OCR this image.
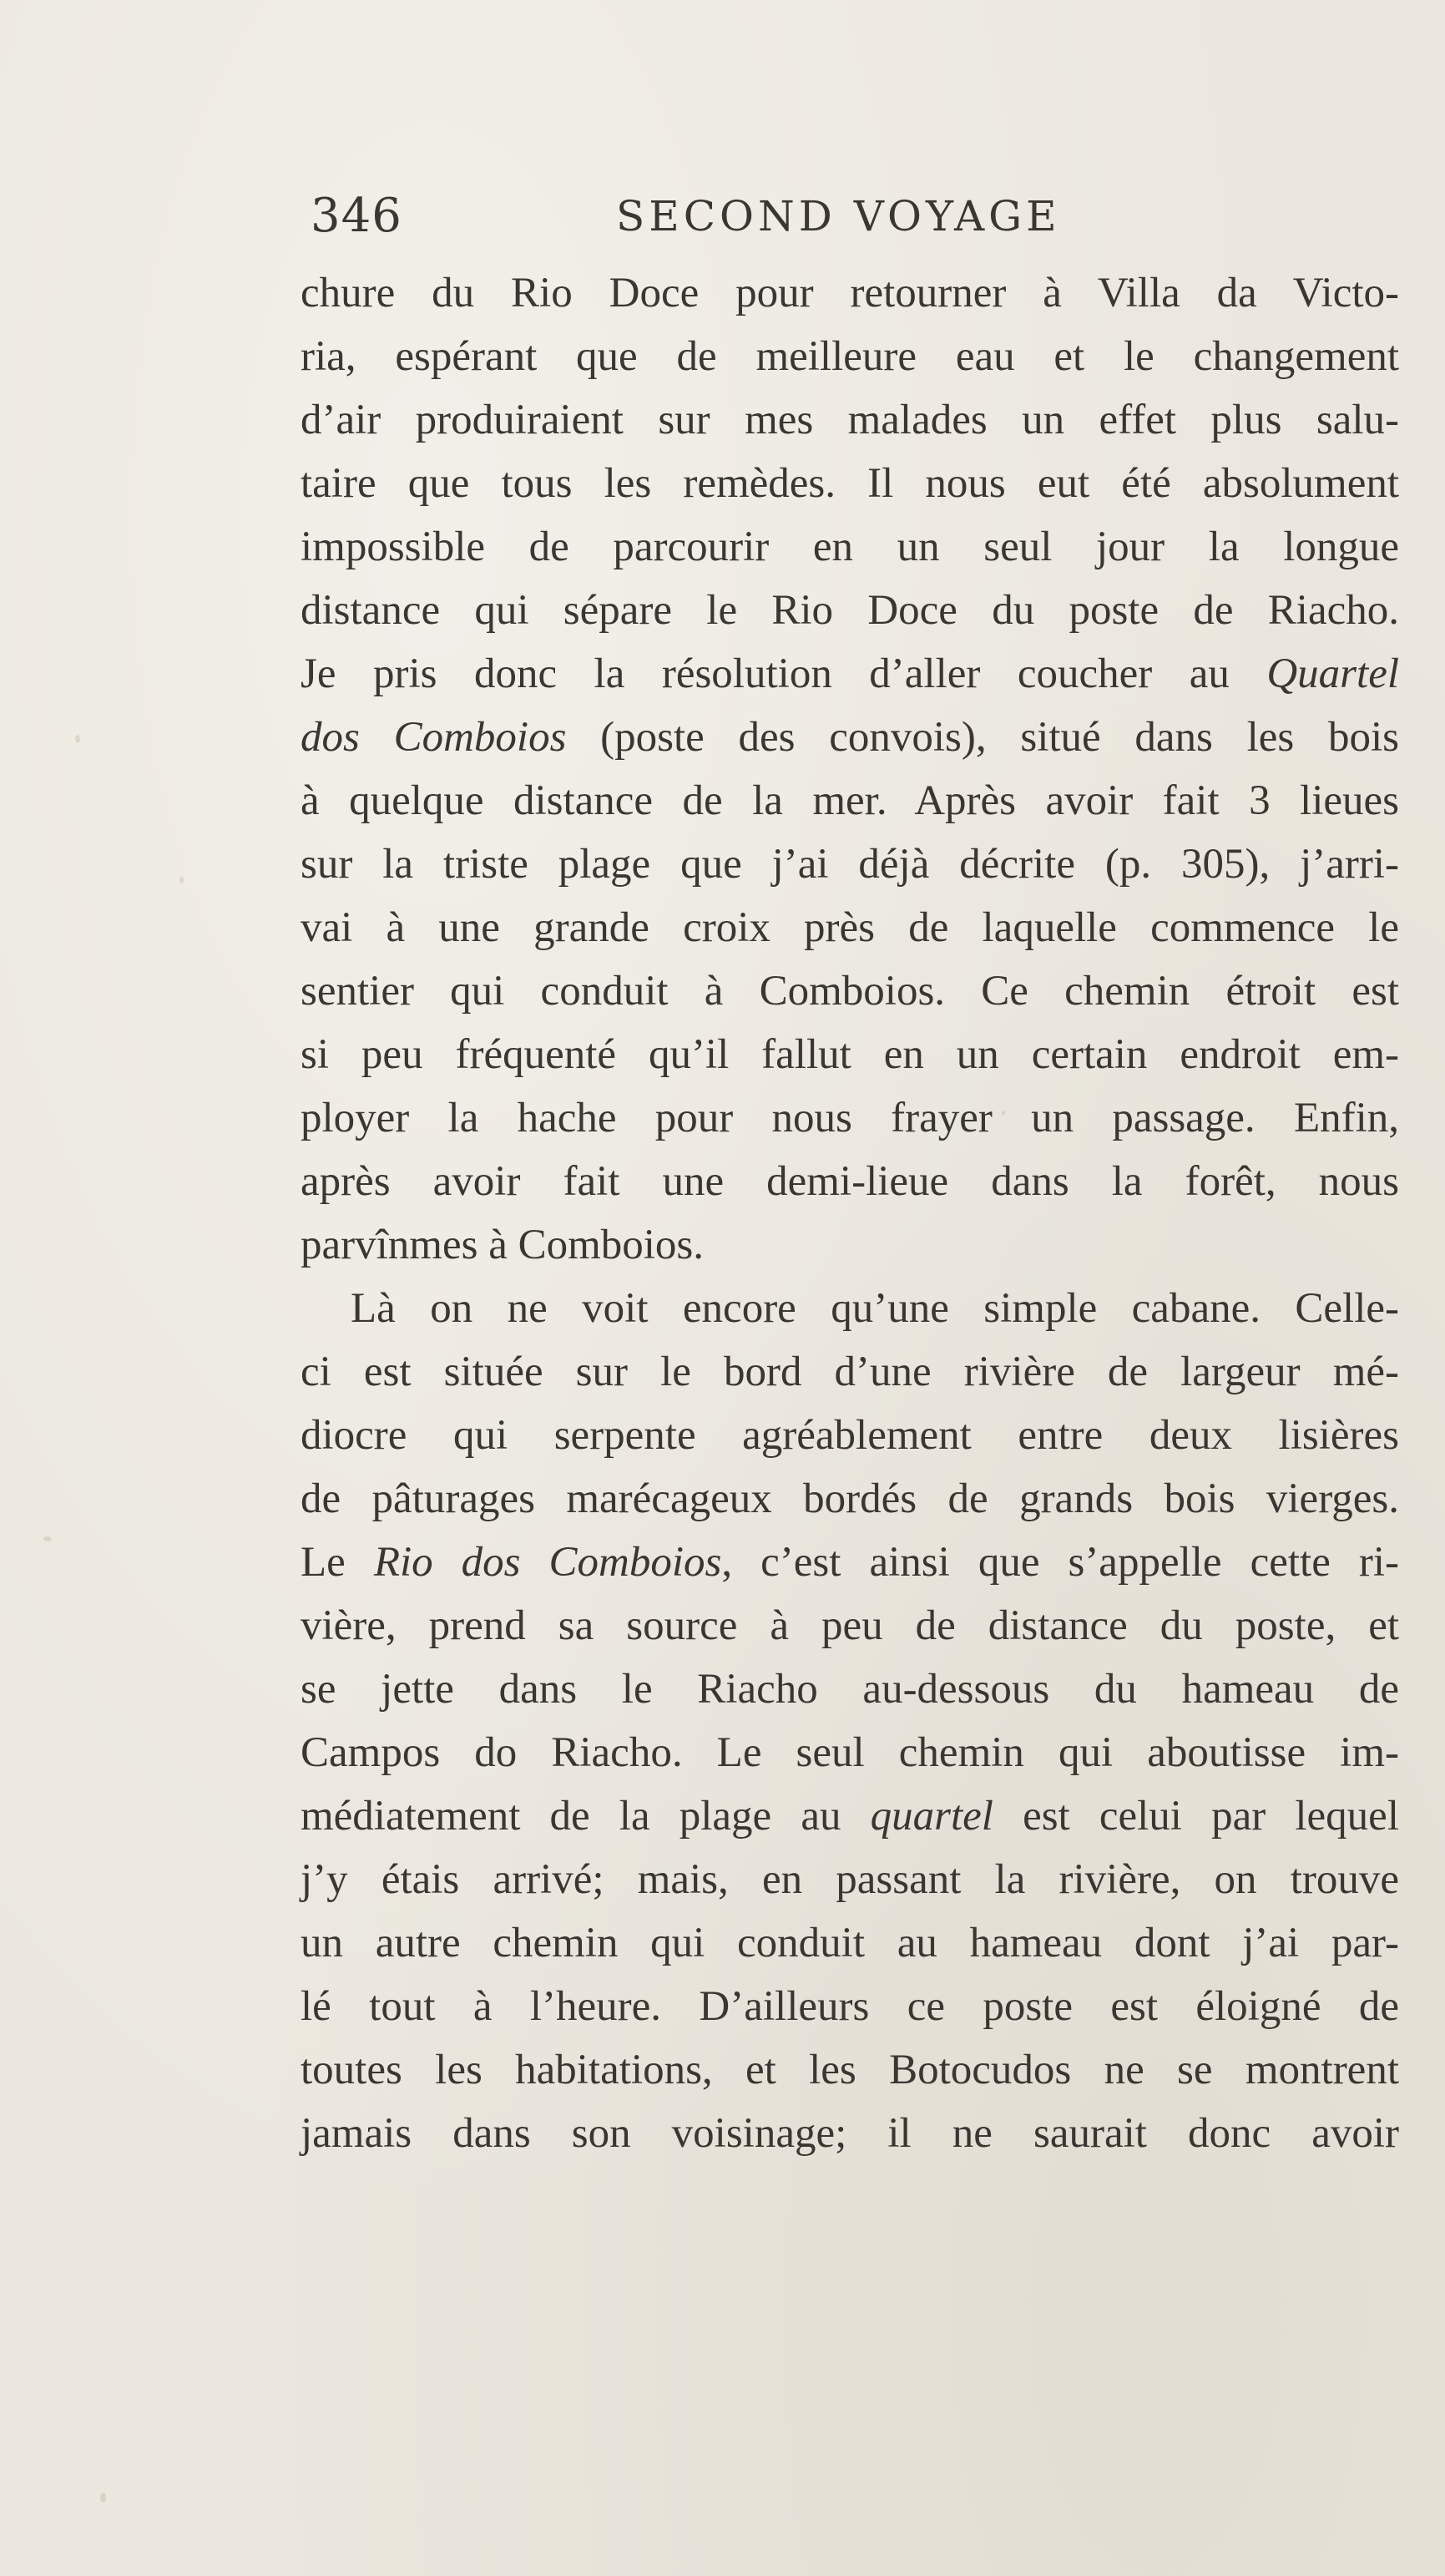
346	SECOND VOYAGE
chure du Rio Doce pour retourner à Villa da Victo-
ria, espérant que de meilleure eau et le changement
d’air produiraient sur mes malades un effet plus salu-
taire que tous les remèdes. Il nous eut été absolument
impossible de parcourir en un seul jour la longue
distance qui sépare le Rio Doce du poste de Riacho.
Je pris donc la résolution d’aller coucher au Quartel
dos Comboios (poste des convois), situé dans les bois
à quelque distance de la mer. Après avoir fait 3 lieues
sur la triste plage que j’ai déjà décrite (p. 305), j’arri-
vai à une grande croix près de laquelle commence le
sentier qui conduit à Comboios. Ce chemin étroit est
si peu fréquenté qu’il fallut en un certain endroit em-
ployer la hache pour nous frayer un passage. Enfin,
après avoir fait une demi-lieue dans la forêt, nous
parvînmes à Comboios.
Là on ne voit encore qu’une simple cabane. Celle-
ci est située sur le bord d’une rivière de largeur mé-
diocre qui serpente agréablement entre deux lisières
de pâturages marécageux bordés de grands bois vierges.
Le Rio dos Comboios, c’est ainsi que s’appelle cette ri-
vière, prend sa source à peu de distance du poste, et
se jette dans le Riacho au-dessous du hameau de
Campos do Riacho. Le seul chemin qui aboutisse im-
médiatement de la plage au quartel est celui par lequel
j’y étais arrivé; mais, en passant la rivière, on trouve
un autre chemin qui conduit au hameau dont j’ai par-
lé tout à l’heure. D’ailleurs ce poste est éloigné de
toutes les habitations, et les Botocudos ne se montrent
jamais dans son voisinage; il ne saurait donc avoir
